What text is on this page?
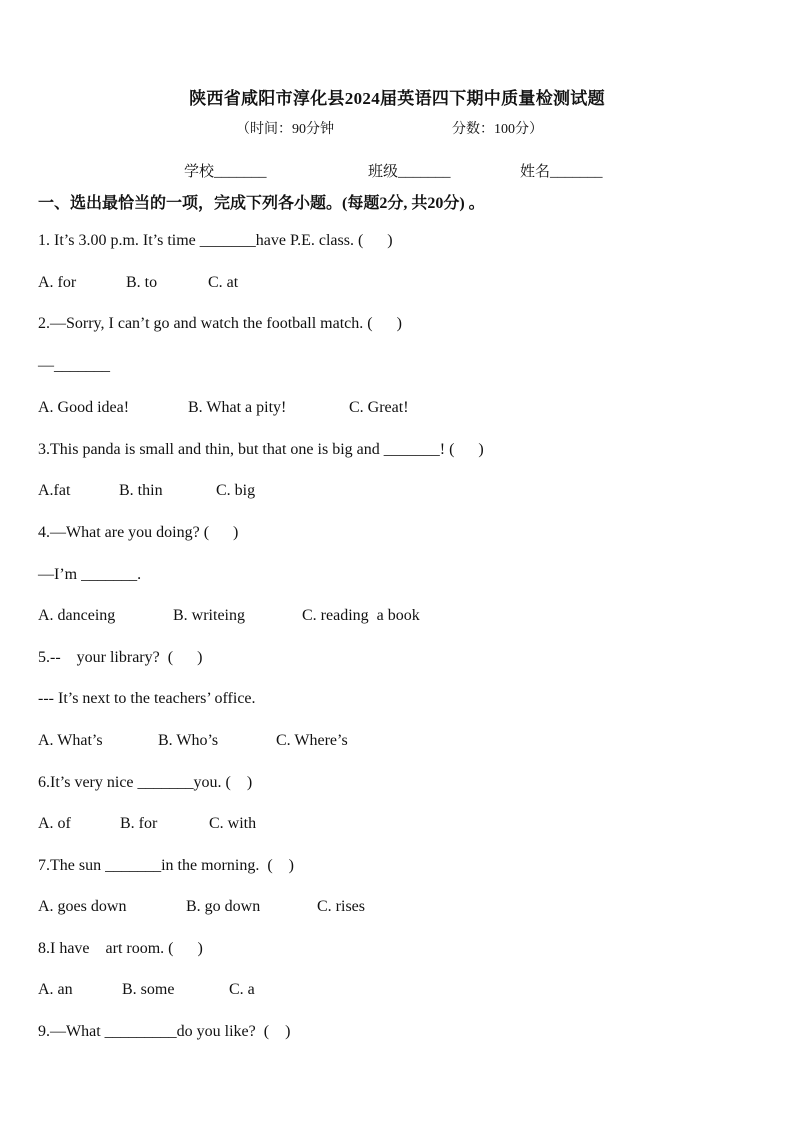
陕西省咸阳市淳化县2024届英语四下期中质量检测试题
（时间：90分钟	分数：100分）
学校_______	班级_______	姓名_______
一、选出最恰当的一项，完成下列各小题。(每题2分, 共20分) 。
1. It’s 3.00 p.m. It’s time _______have P.E. class. (      )
A. for	B. to	C. at
2.—Sorry, I can’t go and watch the football match. (      )
—_______
A. Good idea!	B. What a pity!	C. Great!
3.This panda is small and thin, but that one is big and _______! (      )
A.fat	B. thin	C. big
4.—What are you doing? (      )
—I’m _______.
A. danceing	B. writeing	C. reading  a book
5.--    your library?  (      )
--- It’s next to the teachers’ office.
A. What’s	B. Who’s	C. Where’s
6.It’s very nice _______you. (    )
A. of	B. for	C. with
7.The sun _______in the morning.  (    )
A. goes down	B. go down	C. rises
8.I have    art room. (      )
A. an	B. some	C. a
9.—What _________do you like?  (    )
